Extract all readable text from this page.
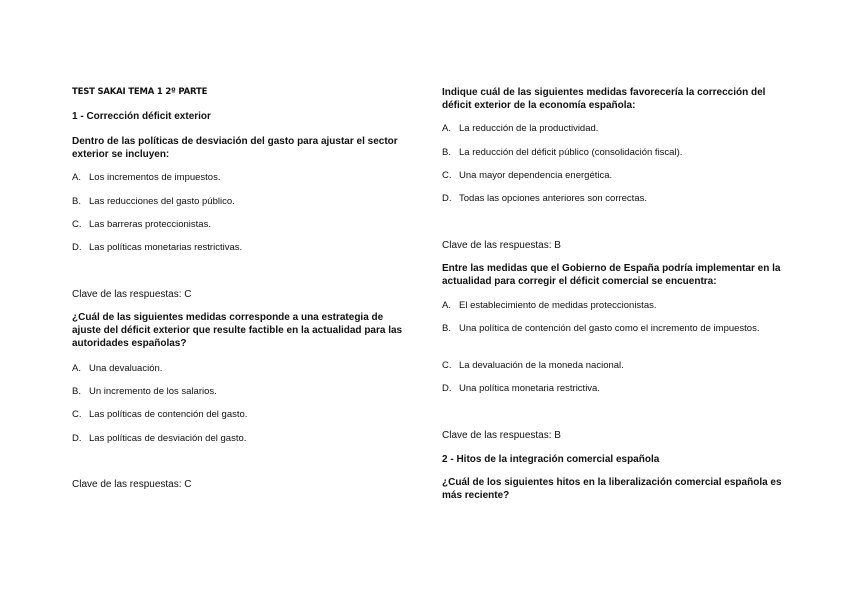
TEST SAKAI TEMA 1 2º PARTE

1 - Corrección déficit exterior

Dentro de las políticas de desviación del gasto para ajustar el sector exterior se incluyen:

A. Los incrementos de impuestos.

B. Las reducciones del gasto público.

C. Las barreras proteccionistas.

D. Las políticas monetarias restrictivas.

Clave de las respuestas: C

¿Cuál de las siguientes medidas corresponde a una estrategia de ajuste del déficit exterior que resulte factible en la actualidad para las autoridades españolas?

A. Una devaluación.

B. Un incremento de los salarios.

C. Las políticas de contención del gasto.

D. Las políticas de desviación del gasto.

Clave de las respuestas: C

Indique cuál de las siguientes medidas favorecería la corrección del déficit exterior de la economía española:

A. La reducción de la productividad.

B. La reducción del déficit público (consolidación fiscal).

C. Una mayor dependencia energética.

D. Todas las opciones anteriores son correctas.

Clave de las respuestas: B

Entre las medidas que el Gobierno de España podría implementar en la actualidad para corregir el déficit comercial se encuentra:

A. El establecimiento de medidas proteccionistas.

B. Una política de contención del gasto como el incremento de impuestos.

C. La devaluación de la moneda nacional.

D. Una política monetaria restrictiva.

Clave de las respuestas: B

2 - Hitos de la integración comercial española

¿Cuál de los siguientes hitos en la liberalización comercial española es más reciente?
